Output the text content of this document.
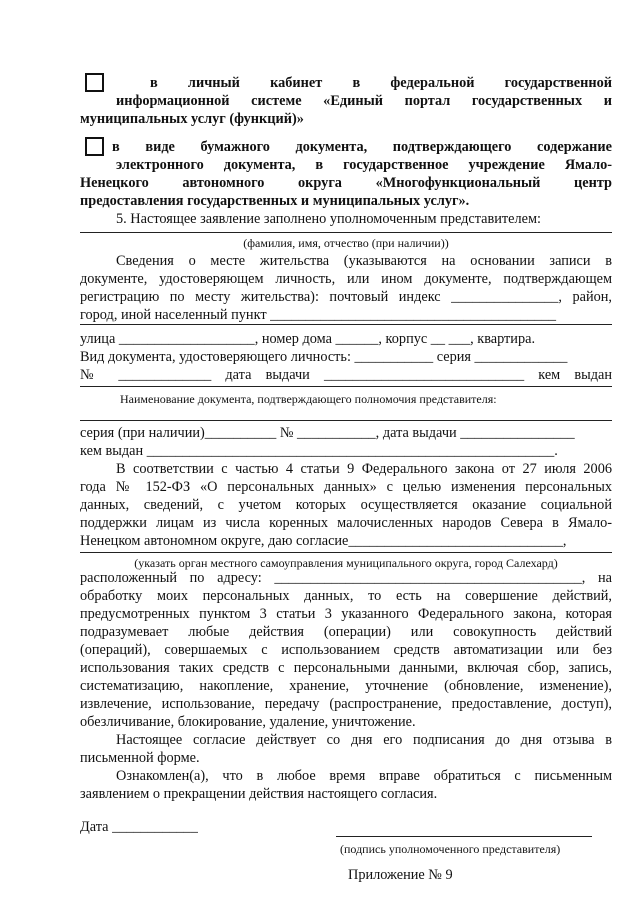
в личный кабинет в федеральной государственной
информационной системе «Единый портал государственных и
муниципальных услуг (функций)»
в виде бумажного документа, подтверждающего содержание
электронного документа, в государственное учреждение Ямало-
Ненецкого автономного округа «Многофункциональный центр
предоставления государственных и муниципальных услуг».
5. Настоящее заявление заполнено уполномоченным представителем:
(фамилия, имя, отчество (при наличии))
Сведения о месте жительства (указываются на основании записи в
документе, удостоверяющем личность, или ином документе, подтверждающем
регистрацию по месту жительства): почтовый индекс _______________, район,
город, иной населенный пункт ________________________________________
улица ___________________, номер дома ______, корпус __ ___, квартира.
Вид документа, удостоверяющего личность: ___________ серия _____________
№ _____________ дата выдачи ____________________________ кем выдан
Наименование документа, подтверждающего полномочия представителя:
серия (при наличии)__________ № ___________, дата выдачи ________________
кем выдан _________________________________________________________.
В соответствии с частью 4 статьи 9 Федерального закона от 27 июля 2006
года № 152-ФЗ «О персональных данных» с целью изменения персональных
данных, сведений, с учетом которых осуществляется оказание социальной
поддержки лицам из числа коренных малочисленных народов Севера в Ямало-
Ненецком автономном округе, даю согласие______________________________,
(указать орган местного самоуправления муниципального округа, город Салехард)
расположенный по адресу: ___________________________________________, на
обработку моих персональных данных, то есть на совершение действий,
предусмотренных пунктом 3 статьи 3 указанного Федерального закона, которая
подразумевает любые действия (операции) или совокупность действий
(операций), совершаемых с использованием средств автоматизации или без
использования таких средств с персональными данными, включая сбор, запись,
систематизацию, накопление, хранение, уточнение (обновление, изменение),
извлечение, использование, передачу (распространение, предоставление, доступ),
обезличивание, блокирование, удаление, уничтожение.
Настоящее согласие действует со дня его подписания до дня отзыва в
письменной форме.
Ознакомлен(а), что в любое время вправе обратиться с письменным
заявлением о прекращении действия настоящего согласия.
Дата ____________
(подпись уполномоченного представителя)
Приложение № 9
